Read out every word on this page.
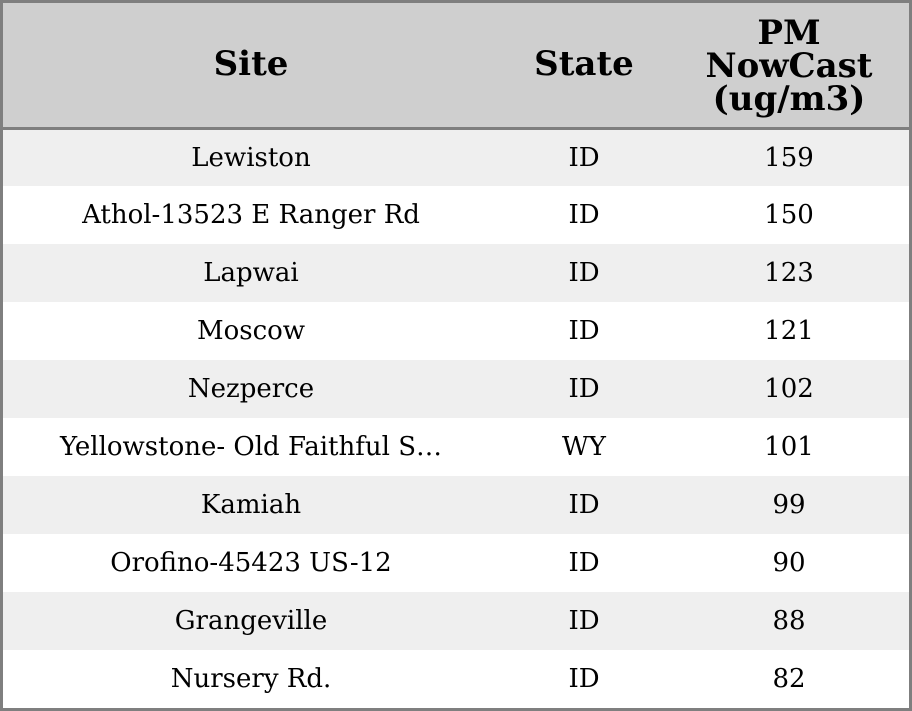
Site	State	PM
NowCast
(ug/m3)
Lewiston	ID	159
Athol-13523 E Ranger Rd	ID	150
Lapwai	ID	123
Moscow	ID	121
Nezperce	ID	102
Yellowstone- Old Faithful S…	WY	101
Kamiah	ID	99
Orofino-45423 US-12	ID	90
Grangeville	ID	88
Nursery Rd.	ID	82
